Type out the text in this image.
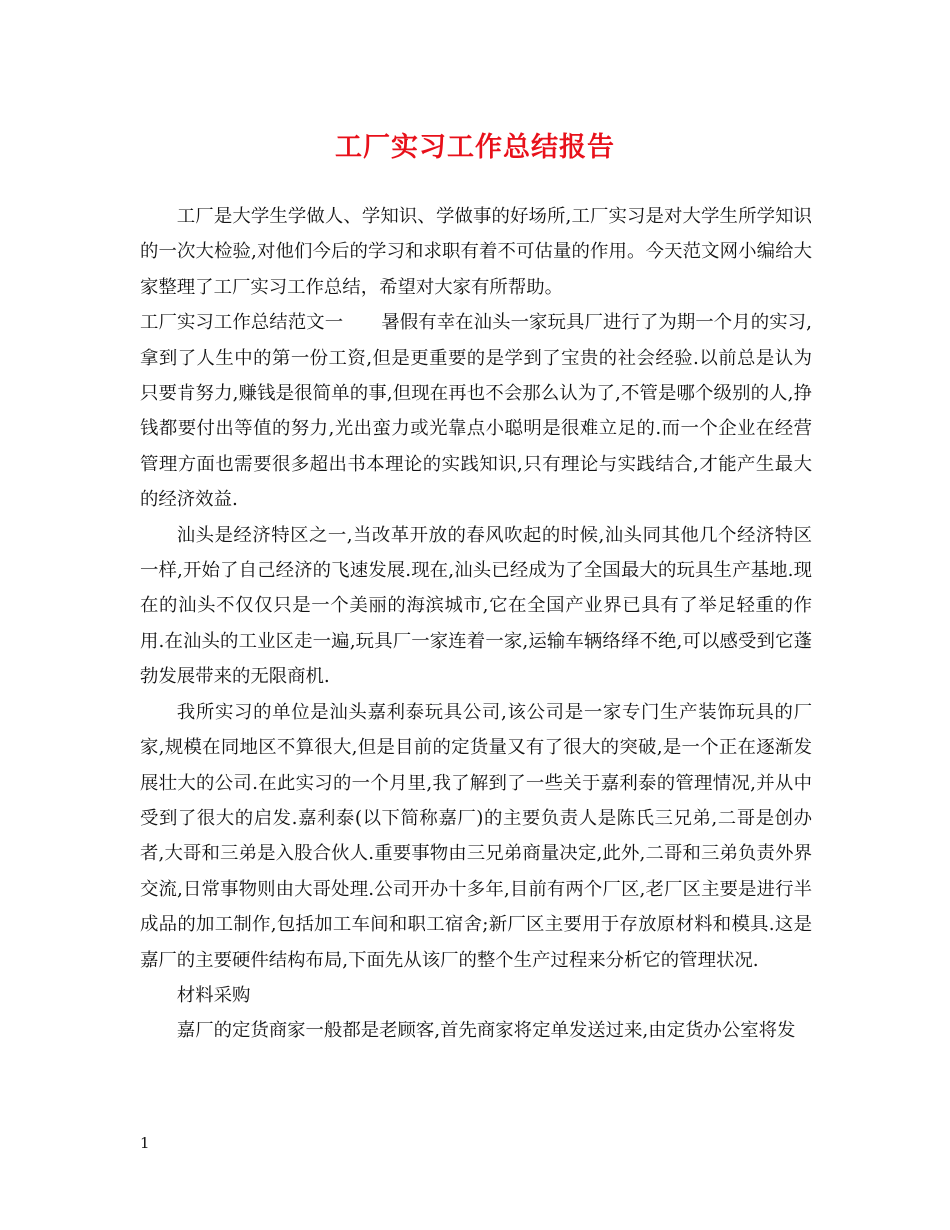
工厂实习工作总结报告

工厂是大学生学做人、学知识、学做事的好场所,工厂实习是对大学生所学知识的一次大检验,对他们今后的学习和求职有着不可估量的作用。今天范文网小编给大家整理了工厂实习工作总结，希望对大家有所帮助。

工厂实习工作总结范文一 暑假有幸在汕头一家玩具厂进行了为期一个月的实习,拿到了人生中的第一份工资,但是更重要的是学到了宝贵的社会经验.以前总是认为只要肯努力,赚钱是很简单的事,但现在再也不会那么认为了,不管是哪个级别的人,挣钱都要付出等值的努力,光出蛮力或光靠点小聪明是很难立足的.而一个企业在经营管理方面也需要很多超出书本理论的实践知识,只有理论与实践结合,才能产生最大的经济效益.

汕头是经济特区之一,当改革开放的春风吹起的时候,汕头同其他几个经济特区一样,开始了自己经济的飞速发展.现在,汕头已经成为了全国最大的玩具生产基地.现在的汕头不仅仅只是一个美丽的海滨城市,它在全国产业界已具有了举足轻重的作用.在汕头的工业区走一遍,玩具厂一家连着一家,运输车辆络绎不绝,可以感受到它蓬勃发展带来的无限商机.

我所实习的单位是汕头嘉利泰玩具公司,该公司是一家专门生产装饰玩具的厂家,规模在同地区不算很大,但是目前的定货量又有了很大的突破,是一个正在逐渐发展壮大的公司.在此实习的一个月里,我了解到了一些关于嘉利泰的管理情况,并从中受到了很大的启发.嘉利泰(以下简称嘉厂)的主要负责人是陈氏三兄弟,二哥是创办者,大哥和三弟是入股合伙人.重要事物由三兄弟商量决定,此外,二哥和三弟负责外界交流,日常事物则由大哥处理.公司开办十多年,目前有两个厂区,老厂区主要是进行半成品的加工制作,包括加工车间和职工宿舍;新厂区主要用于存放原材料和模具.这是嘉厂的主要硬件结构布局,下面先从该厂的整个生产过程来分析它的管理状况.

材料采购

嘉厂的定货商家一般都是老顾客,首先商家将定单发送过来,由定货办公室将发

1
